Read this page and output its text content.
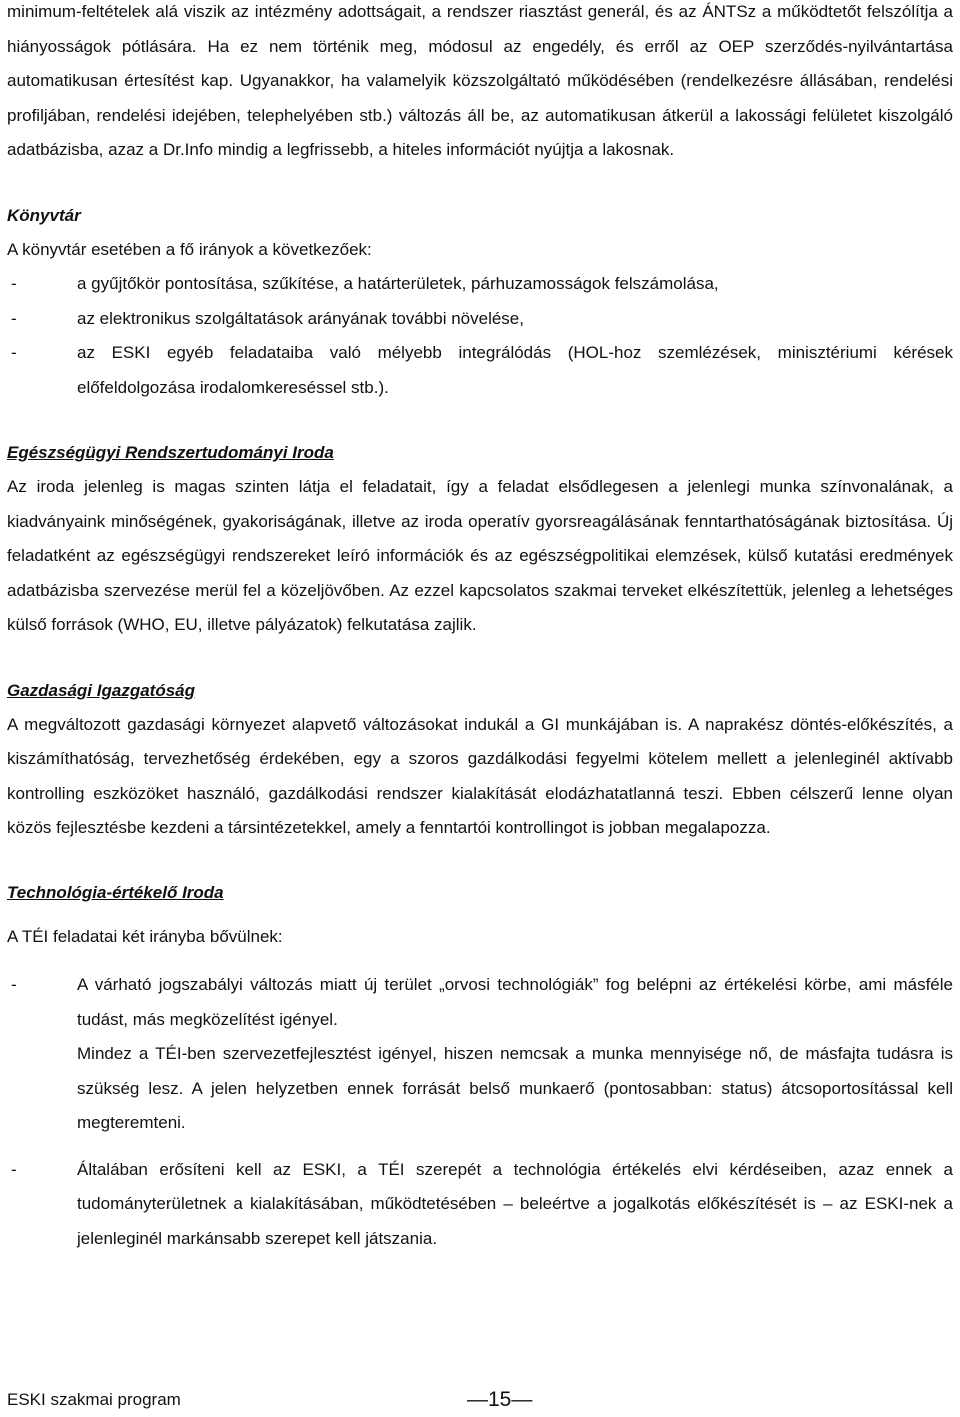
minimum-feltételek alá viszik az intézmény adottságait, a rendszer riasztást generál, és az ÁNTSz a működtetőt felszólítja a hiányosságok pótlására. Ha ez nem történik meg, módosul az engedély, és erről az OEP szerződés-nyilvántartása automatikusan értesítést kap. Ugyanakkor, ha valamelyik közszolgáltató működésében (rendelkezésre állásában, rendelési profiljában, rendelési idejében, telephelyében stb.) változás áll be, az automatikusan átkerül a lakossági felületet kiszolgáló adatbázisba, azaz a Dr.Info mindig a legfrissebb, a hiteles információt nyújtja a lakosnak.

Könyvtár

A könyvtár esetében a fő irányok a következőek:

-	a gyűjtőkör pontosítása, szűkítése, a határterületek, párhuzamosságok felszámolása,
-	az elektronikus szolgáltatások arányának további növelése,
-	az ESKI egyéb feladataiba való mélyebb integrálódás (HOL-hoz szemlézések, minisztériumi kérések előfeldolgozása irodalomkereséssel stb.).

Egészségügyi Rendszertudományi Iroda

Az iroda jelenleg is magas szinten látja el feladatait, így a feladat elsődlegesen a jelenlegi munka színvonalának, a kiadványaink minőségének, gyakoriságának, illetve az iroda operatív gyorsreagálásának fenntarthatóságának biztosítása. Új feladatként az egészségügyi rendszereket leíró információk és az egészségpolitikai elemzések, külső kutatási eredmények adatbázisba szervezése merül fel a közeljövőben. Az ezzel kapcsolatos szakmai terveket elkészítettük, jelenleg a lehetséges külső források (WHO, EU, illetve pályázatok) felkutatása zajlik.

Gazdasági Igazgatóság

A megváltozott gazdasági környezet alapvető változásokat indukál a GI munkájában is. A naprakész döntés-előkészítés, a kiszámíthatóság, tervezhetőség érdekében, egy a szoros gazdálkodási fegyelmi kötelem mellett a jelenleginél aktívabb kontrolling eszközöket használó, gazdálkodási rendszer kialakítását elodázhatatlanná teszi. Ebben célszerű lenne olyan közös fejlesztésbe kezdeni a társintézetekkel, amely a fenntartói kontrollingot is jobban megalapozza.

Technológia-értékelő Iroda

A TÉI feladatai két irányba bővülnek:

-	A várható jogszabályi változás miatt új terület „orvosi technológiák” fog belépni az értékelési körbe, ami másféle tudást, más megközelítést igényel.
Mindez a TÉI-ben szervezetfejlesztést igényel, hiszen nemcsak a munka mennyisége nő, de másfajta tudásra is szükség lesz. A jelen helyzetben ennek forrását belső munkaerő (pontosabban: status) átcsoportosítással kell megteremteni.
-	Általában erősíteni kell az ESKI, a TÉI szerepét a technológia értékelés elvi kérdéseiben, azaz ennek a tudományterületnek a kialakításában, működtetésében – beleértve a jogalkotás előkészítését is – az ESKI-nek a jelenleginél markánsabb szerepet kell játszania.
ESKI szakmai program	—15—
